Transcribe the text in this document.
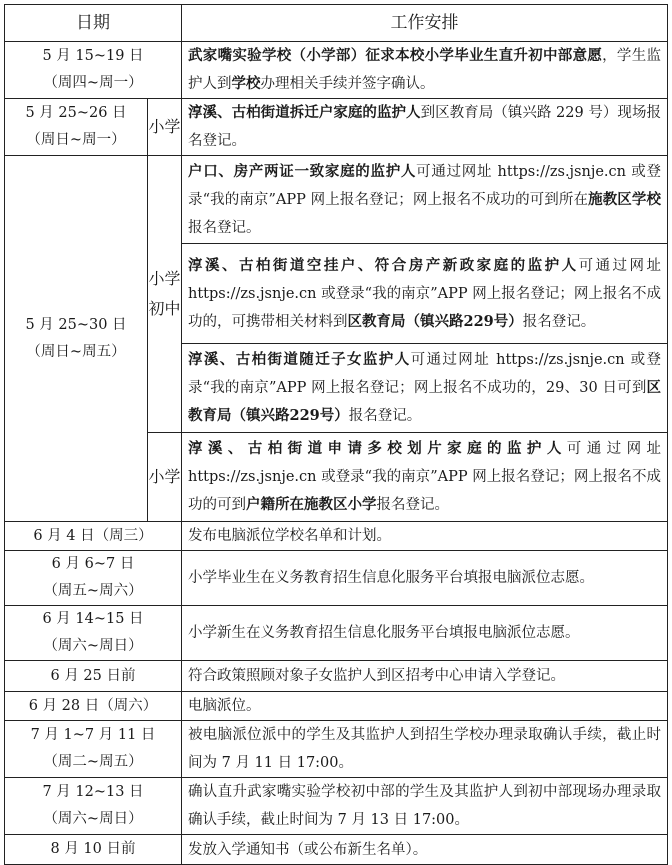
日期		工作安排
5 月 15~19 日
（周四~周一）		武家嘴实验学校（小学部）征求本校小学毕业生直升初中部意愿，学生监护人到学校办理相关手续并签字确认。
5 月 25~26 日
（周日~周一）	小学	淳溪、古柏街道拆迁户家庭的监护人到区教育局（镇兴路 229 号）现场报名登记。
5 月 25~30 日
（周日~周五）	小学初中	户口、房产两证一致家庭的监护人可通过网址 https://zs.jsnje.cn 或登录“我的南京”APP 网上报名登记；网上报名不成功的可到所在施教区学校报名登记。
		淳溪、古柏街道空挂户、符合房产新政家庭的监护人可通过网址 https://zs.jsnje.cn 或登录“我的南京”APP 网上报名登记；网上报名不成功的，可携带相关材料到区教育局（镇兴路229号）报名登记。
		淳溪、古柏街道随迁子女监护人可通过网址 https://zs.jsnje.cn 或登录“我的南京”APP 网上报名登记；网上报名不成功的，29、30 日可到区教育局（镇兴路229号）报名登记。
	小学	淳溪、古柏街道申请多校划片家庭的监护人可通过网址 https://zs.jsnje.cn 或登录“我的南京”APP 网上报名登记；网上报名不成功的可到户籍所在施教区小学报名登记。
6 月 4 日（周三）		发布电脑派位学校名单和计划。
6 月 6~7 日
（周五~周六）		小学毕业生在义务教育招生信息化服务平台填报电脑派位志愿。
6 月 14~15 日
（周六~周日）		小学新生在义务教育招生信息化服务平台填报电脑派位志愿。
6 月 25 日前		符合政策照顾对象子女监护人到区招考中心申请入学登记。
6 月 28 日（周六）		电脑派位。
7 月 1~7 月 11 日
（周二~周五）		被电脑派位派中的学生及其监护人到招生学校办理录取确认手续，截止时间为 7 月 11 日 17:00。
7 月 12~13 日
（周六~周日）		确认直升武家嘴实验学校初中部的学生及其监护人到初中部现场办理录取确认手续，截止时间为 7 月 13 日 17:00。
8 月 10 日前		发放入学通知书（或公布新生名单）。
